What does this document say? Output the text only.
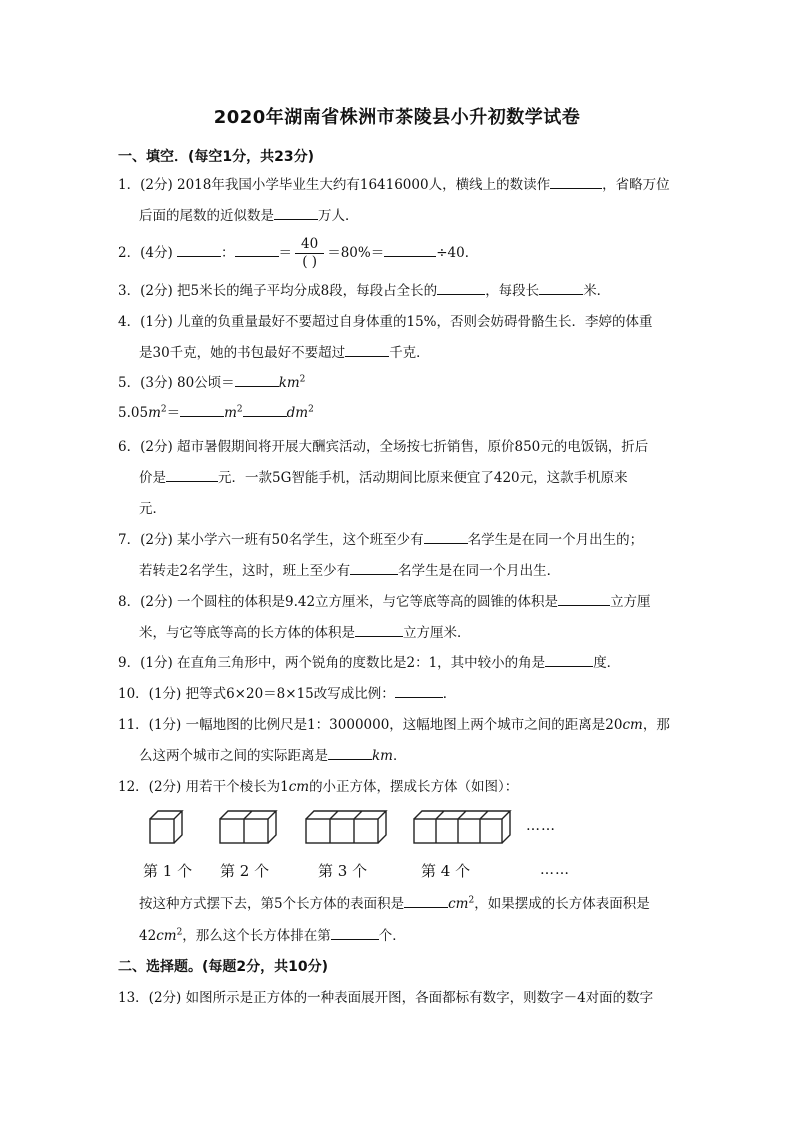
2020年湖南省株洲市茶陵县小升初数学试卷
一、填空．(每空1分，共23分)
1．(2分) 2018年我国小学毕业生大约有16416000人，横线上的数读作	，省略万位
后面的尾数的近似数是	万人．
2．(4分)	：	＝ $\frac{40}{( )} =80\%=$	÷40．
3．(2分) 把5米长的绳子平均分成8段，每段占全长的	，每段长	米．
4．(1分) 儿童的负重量最好不要超过自身体重的15%，否则会妨碍骨骼生长．李婷的体重
是30千克，她的书包最好不要超过	千克．
5．(3分) 80公顷＝	$km^2$
$5.05m^2=$	$m^2$	$dm^2$
6．(2分) 超市暑假期间将开展大酬宾活动，全场按七折销售，原价850元的电饭锅，折后
价是	元．一款5G智能手机，活动期间比原来便宜了420元，这款手机原来
元．
7．(2分) 某小学六一班有50名学生，这个班至少有	名学生是在同一个月出生的；
若转走2名学生，这时，班上至少有	名学生是在同一个月出生．
8．(2分) 一个圆柱的体积是9.42立方厘米，与它等底等高的圆锥的体积是	立方厘
米，与它等底等高的长方体的体积是	立方厘米．
9．(1分) 在直角三角形中，两个锐角的度数比是2：1，其中较小的角是	度．
10．(1分) 把等式6×20＝8×15改写成比例：	．
11．(1分) 一幅地图的比例尺是1：3000000，这幅地图上两个城市之间的距离是20cm，那
么这两个城市之间的实际距离是	km．
12．(2分) 用若干个棱长为1cm的小正方体，摆成长方体（如图）：
……
第 1 个 第 2 个	第 3 个	第 4 个	……
按这种方式摆下去，第5个长方体的表面积是	$cm^2$，如果摆成的长方体表面积是
$42cm^2$，那么这个长方体排在第	个．
二、选择题。(每题2分，共10分)
13．(2分) 如图所示是正方体的一种表面展开图，各面都标有数字，则数字－4对面的数字
